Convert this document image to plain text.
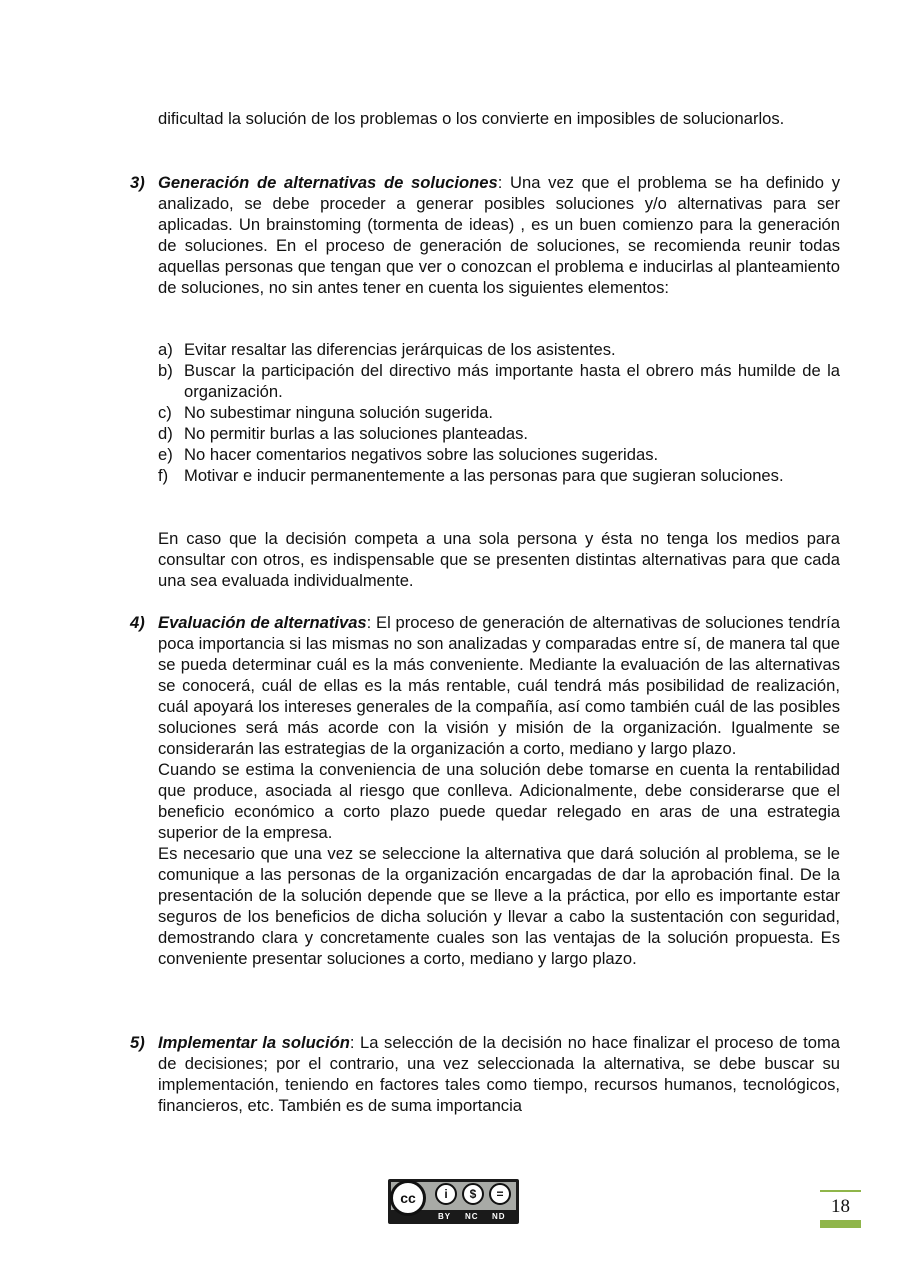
dificultad la solución de los problemas o los convierte en imposibles de solucionarlos.

3) Generación de alternativas de soluciones: Una vez que el problema se ha definido y analizado, se debe proceder a generar posibles soluciones y/o alternativas para ser aplicadas. Un brainstoming (tormenta de ideas) , es un buen comienzo para la generación de soluciones. En el proceso de generación de soluciones, se recomienda reunir todas aquellas personas que tengan que ver o conozcan el problema e inducirlas al planteamiento de soluciones, no sin antes tener en cuenta los siguientes elementos:

a) Evitar resaltar las diferencias jerárquicas de los asistentes.
b) Buscar la participación del directivo más importante hasta el obrero más humilde de la organización.
c) No subestimar ninguna solución sugerida.
d) No permitir burlas a las soluciones planteadas.
e) No hacer comentarios negativos sobre las soluciones sugeridas.
f) Motivar e inducir permanentemente a las personas para que sugieran soluciones.

En caso que la decisión competa a una sola persona y ésta no tenga los medios para consultar con otros, es indispensable que se presenten distintas alternativas para que cada una sea evaluada individualmente.

4) Evaluación de alternativas: El proceso de generación de alternativas de soluciones tendría poca importancia si las mismas no son analizadas y comparadas entre sí, de manera tal que se pueda determinar cuál es la más conveniente. Mediante la evaluación de las alternativas se conocerá, cuál de ellas es la más rentable, cuál tendrá más posibilidad de realización, cuál apoyará los intereses generales de la compañía, así como también cuál de las posibles soluciones será más acorde con la visión y misión de la organización. Igualmente se considerarán las estrategias de la organización a corto, mediano y largo plazo.

Cuando se estima la conveniencia de una solución debe tomarse en cuenta la rentabilidad que produce, asociada al riesgo que conlleva. Adicionalmente, debe considerarse que el beneficio económico a corto plazo puede quedar relegado en aras de una estrategia superior de la empresa.

Es necesario que una vez se seleccione la alternativa que dará solución al problema, se le comunique a las personas de la organización encargadas de dar la aprobación final. De la presentación de la solución depende que se lleve a la práctica, por ello es importante estar seguros de los beneficios de dicha solución y llevar a cabo la sustentación con seguridad, demostrando clara y concretamente cuales son las ventajas de la solución propuesta. Es conveniente presentar soluciones a corto, mediano y largo plazo.

5) Implementar la solución: La selección de la decisión no hace finalizar el proceso de toma de decisiones; por el contrario, una vez seleccionada la alternativa, se debe buscar su implementación, teniendo en factores tales como tiempo, recursos humanos, tecnológicos, financieros, etc. También es de suma importancia

cc	i	$	=
BY NC ND	18
